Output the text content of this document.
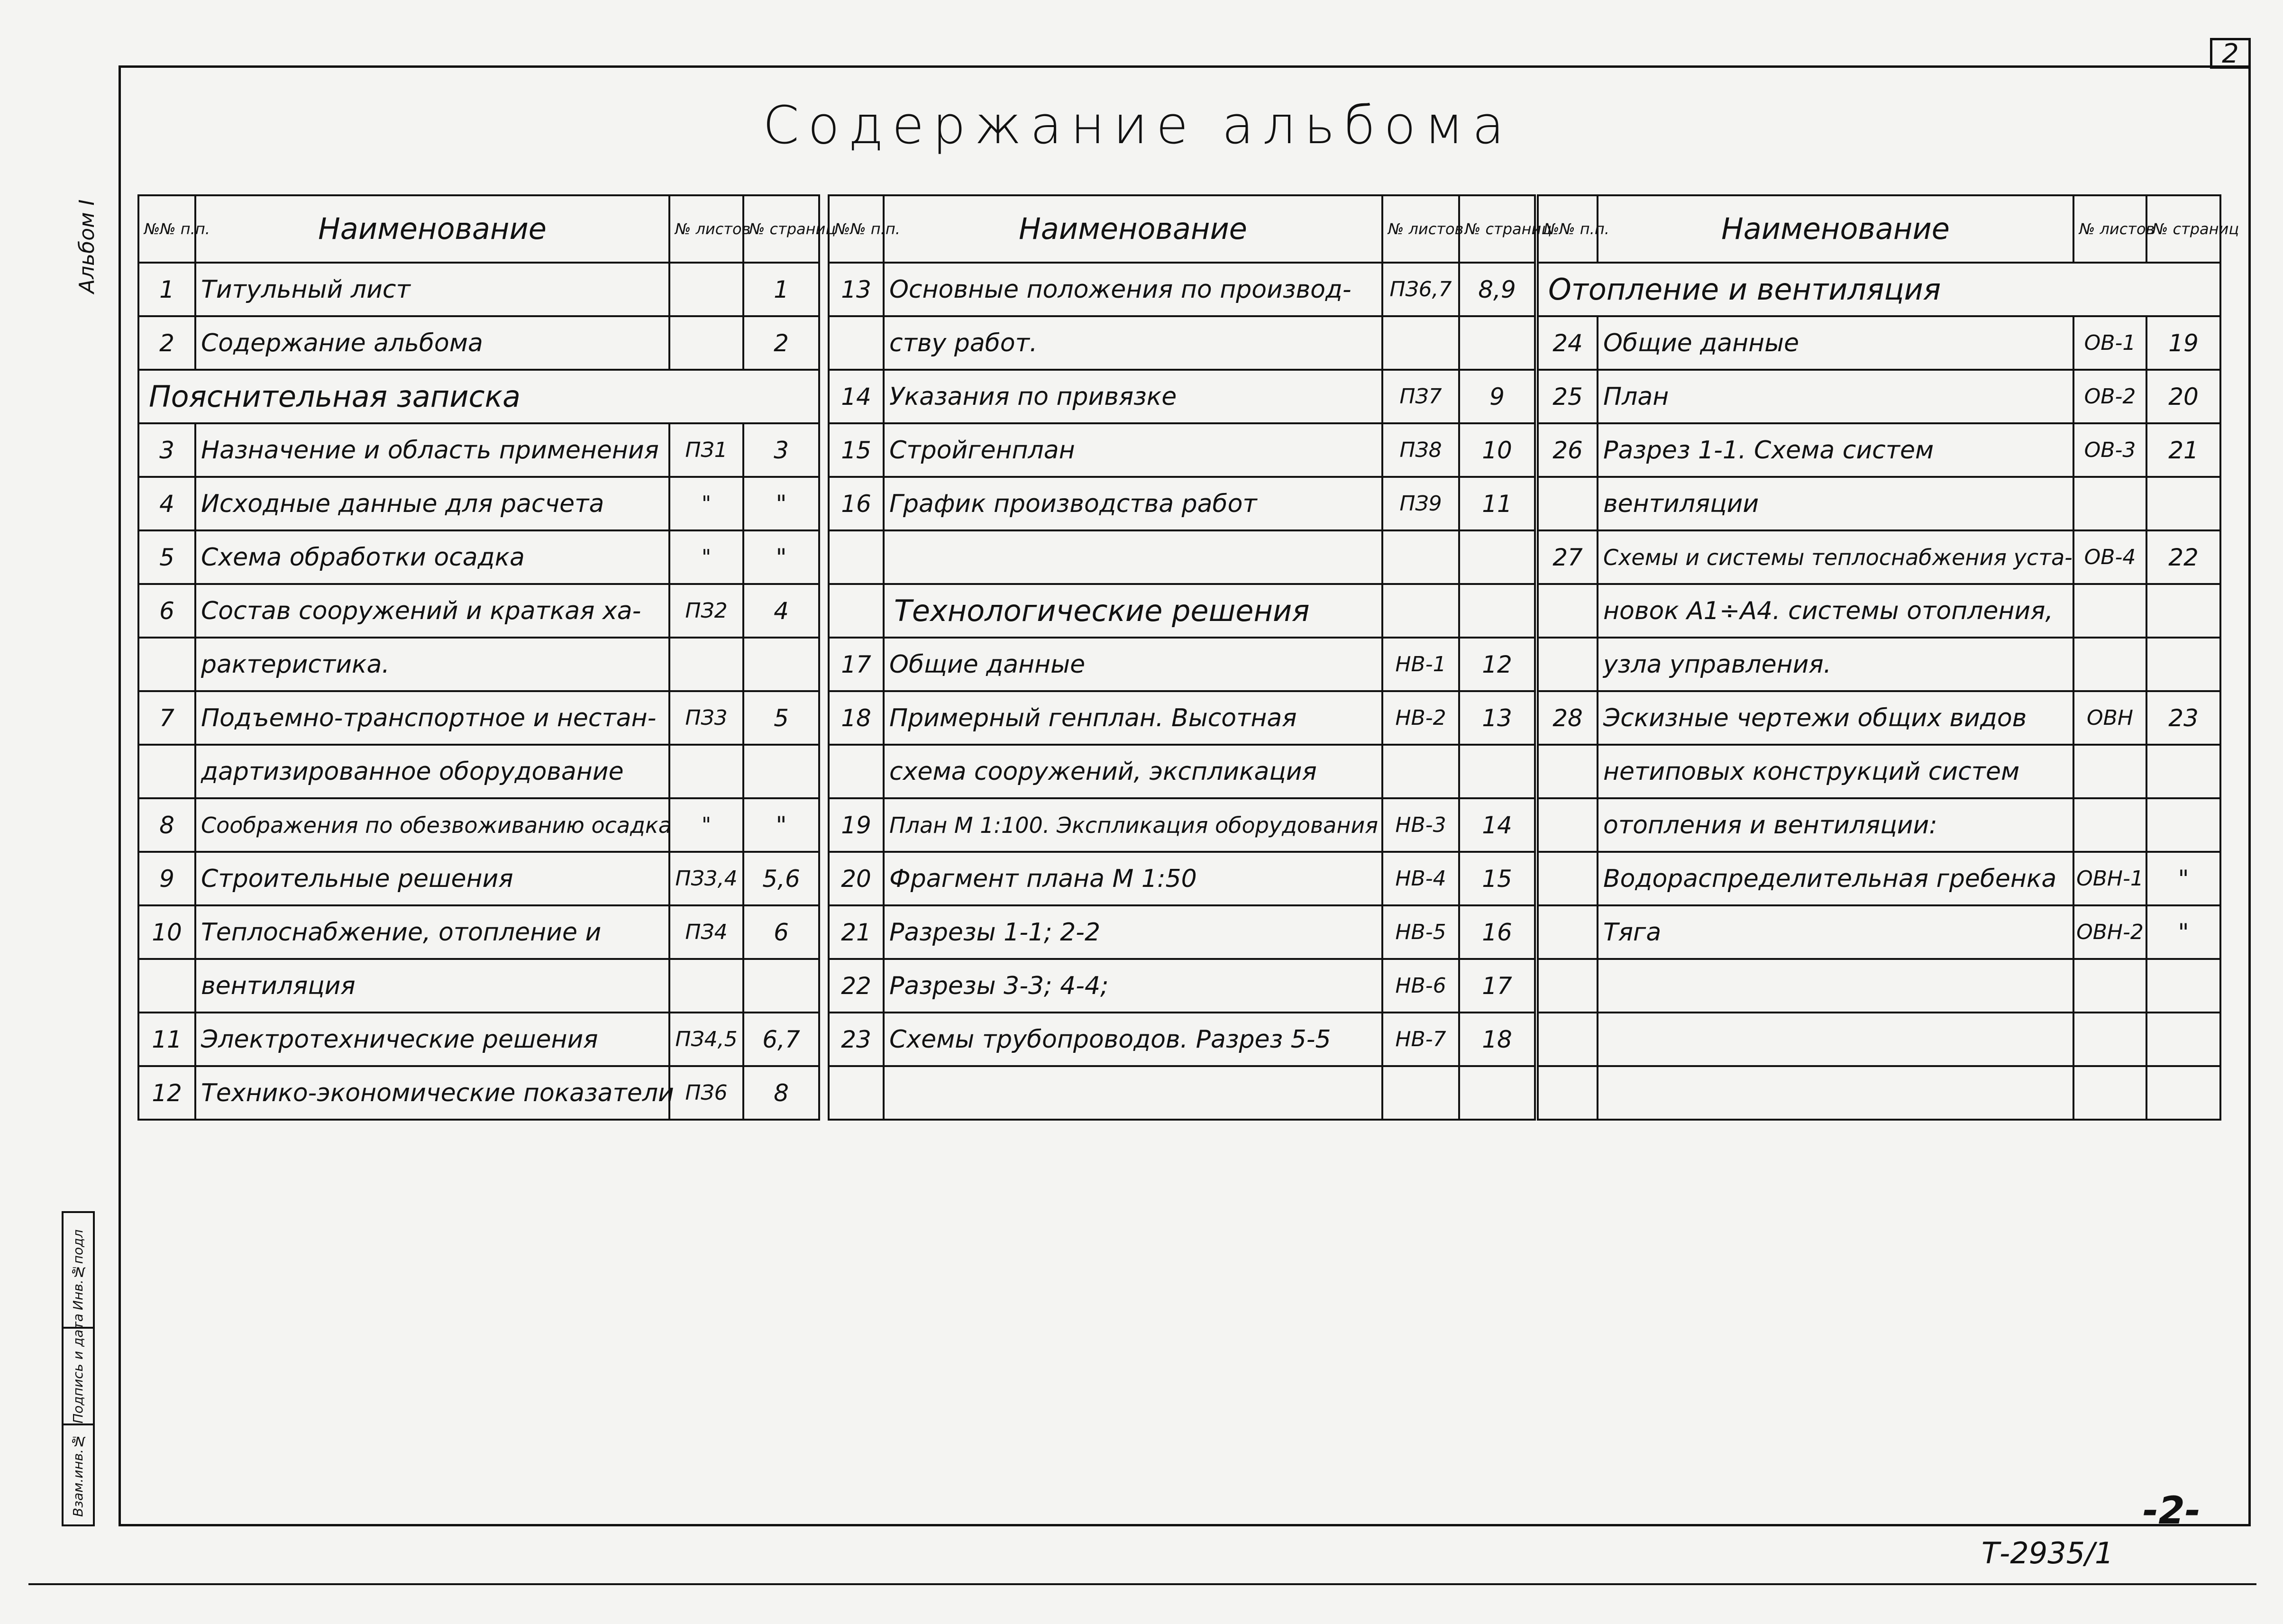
2
Альбом I
Инв.№подл
Подпись и дата
Взам.инв.№
Содержание альбома
№№ п.п.	Наименование	№ листов	№ страниц
1	Титульный лист		1
2	Содержание альбома		2
Пояснительная записка			
3	Назначение и область применения	ПЗ1	3
4	Исходные данные для расчета	"	"
5	Схема обработки осадка	"	"
6	Состав сооружений и краткая ха-	ПЗ2	4
	рактеристика.		
7	Подъемно-транспортное и нестан-	ПЗ3	5
	дартизированное оборудование		
8	Соображения по обезвоживанию осадка	"	"
9	Строительные решения	ПЗ3,4	5,6
10	Теплоснабжение, отопление и	ПЗ4	6
	вентиляция		
11	Электротехнические решения	ПЗ4,5	6,7
12	Технико-экономические показатели	ПЗ6	8
№№ п.п.	Наименование	№ листов	№ страниц
13	Основные положения по производ-	ПЗ6,7	8,9
	ству работ.		
14	Указания по привязке	ПЗ7	9
15	Стройгенплан	ПЗ8	10
16	График производства работ	ПЗ9	11

	Технологические решения		
17	Общие данные	НВ-1	12
18	Примерный генплан. Высотная	НВ-2	13
	схема сооружений, экспликация		
19	План М 1:100. Экспликация оборудования	НВ-3	14
20	Фрагмент плана М 1:50	НВ-4	15
21	Разрезы 1-1; 2-2	НВ-5	16
22	Разрезы 3-3; 4-4;	НВ-6	17
23	Схемы трубопроводов. Разрез 5-5	НВ-7	18

№№ п.п.	Наименование	№ листов	№ страниц
Отопление и вентиляция			
24	Общие данные	ОВ-1	19
25	План	ОВ-2	20
26	Разрез 1-1. Схема систем	ОВ-3	21
	вентиляции		
27	Схемы и системы теплоснабжения уста-	ОВ-4	22
	новок А1÷А4. системы отопления,		
	узла управления.		
28	Эскизные чертежи общих видов	ОВН	23
	нетиповых конструкций систем		
	отопления и вентиляции:		
	Водораспределительная гребенка	ОВН-1	"
	Тяга	ОВН-2	"

-2-
Т-2935/1
